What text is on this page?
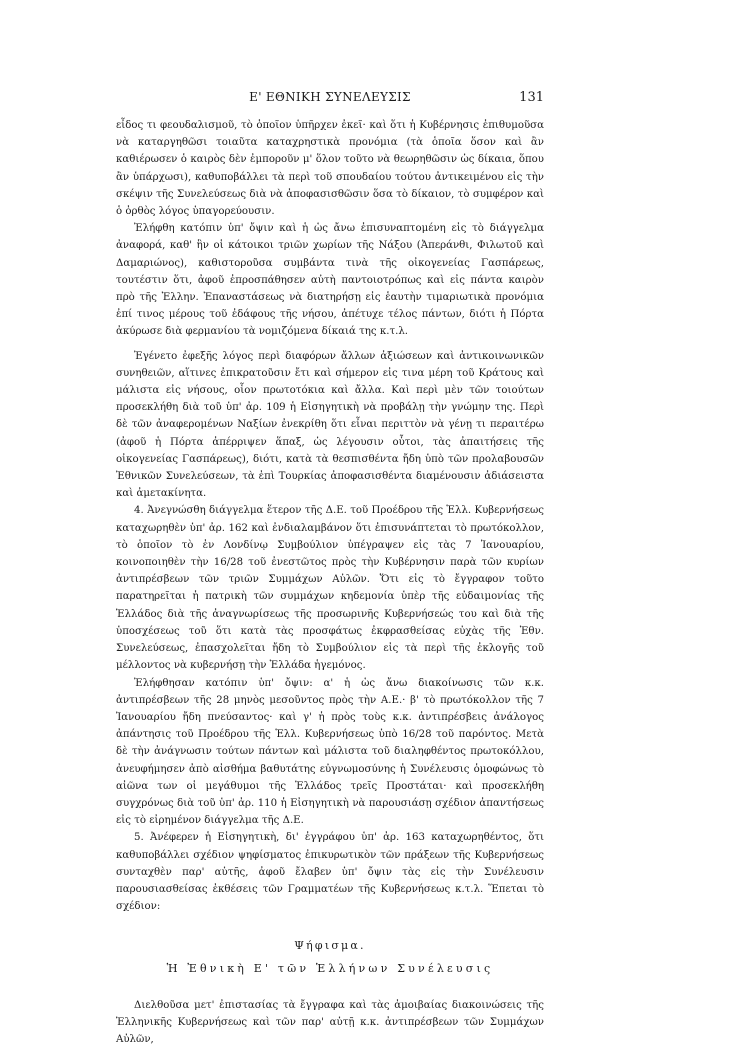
Ε' ΕΘΝΙΚΗ ΣΥΝΕΛΕΥΣΙΣ	131

εἶδος τι φεουδαλισμοῦ, τὸ ὁποῖον ὑπῆρχεν ἐκεῖ· καὶ ὅτι ἡ Κυβέρνησις ἐπιθυμοῦσα νὰ καταργηθῶσι τοιαῦτα καταχρηστικὰ προνόμια (τὰ ὁποῖα ὅσον καὶ ἂν καθιέρωσεν ὁ καιρὸς δὲν ἐμποροῦν μ' ὅλον τοῦτο νὰ θεωρηθῶσιν ὡς δίκαια, ὅπου ἂν ὑπάρχωσι), καθυποβάλλει τὰ περὶ τοῦ σπουδαίου τούτου ἀντικειμένου εἰς τὴν σκέψιν τῆς Συνελεύσεως διὰ νὰ ἀποφασισθῶσιν ὅσα τὸ δίκαιον, τὸ συμφέρον καὶ ὁ ὀρθὸς λόγος ὑπαγορεύουσιν.

Ἐλήφθη κατόπιν ὑπ' ὄψιν καὶ ἡ ὡς ἄνω ἐπισυναπτομένη εἰς τὸ διάγγελμα ἀναφορά, καθ' ἣν οἱ κάτοικοι τριῶν χωρίων τῆς Νάξου (Ἀπεράνθι, Φιλωτοῦ καὶ Δαμαριώνος), καθιστοροῦσα συμβάντα τινὰ τῆς οἰκογενείας Γασπάρεως, τουτέστιν ὅτι, ἀφοῦ ἐπροσπάθησεν αὐτὴ παντοιοτρόπως καὶ εἰς πάντα καιρὸν πρὸ τῆς Ἐλλην. Ἐπαναστάσεως νὰ διατηρήσῃ εἰς ἑαυτὴν τιμαριωτικὰ προνόμια ἐπί τινος μέρους τοῦ ἐδάφους τῆς νήσου, ἀπέτυχε τέλος πάντων, διότι ἡ Πόρτα ἀκύρωσε διὰ φερμανίου τὰ νομιζόμενα δίκαιά της κ.τ.λ.

Ἐγένετο ἐφεξῆς λόγος περὶ διαφόρων ἄλλων ἀξιώσεων καὶ ἀντικοινωνικῶν συνηθειῶν, αἵτινες ἐπικρατοῦσιν ἔτι καὶ σήμερον εἰς τινα μέρη τοῦ Κράτους καὶ μάλιστα εἰς νήσους, οἷον πρωτοτόκια καὶ ἄλλα. Καὶ περὶ μὲν τῶν τοιούτων προσεκλήθη διὰ τοῦ ὑπ' ἀρ. 109 ἡ Εἰσηγητικὴ νὰ προβάλῃ τὴν γνώμην της. Περὶ δὲ τῶν ἀναφερομένων Ναξίων ἐνεκρίθη ὅτι εἶναι περιττὸν νὰ γένῃ τι περαιτέρω (ἀφοῦ ἡ Πόρτα ἀπέρριψεν ἅπαξ, ὡς λέγουσιν οὗτοι, τὰς ἀπαιτήσεις τῆς οἰκογενείας Γασπάρεως), διότι, κατὰ τὰ θεσπισθέντα ἤδη ὑπὸ τῶν προλαβουσῶν Ἐθνικῶν Συνελεύσεων, τὰ ἐπὶ Τουρκίας ἀποφασισθέντα διαμένουσιν ἀδιάσειστα καὶ ἀμετακίνητα.

4. Ἀνεγνώσθη διάγγελμα ἕτερον τῆς Δ.Ε. τοῦ Προέδρου τῆς Ἑλλ. Κυβερνήσεως καταχωρηθὲν ὑπ' ἀρ. 162 καὶ ἐνδιαλαμβάνον ὅτι ἐπισυνάπτεται τὸ πρωτόκολλον, τὸ ὁποῖον τὸ ἐν Λονδίνῳ Συμβούλιον ὑπέγραψεν εἰς τὰς 7 Ἰανουαρίου, κοινοποιηθὲν τὴν 16/28 τοῦ ἐνεστῶτος πρὸς τὴν Κυβέρνησιν παρὰ τῶν κυρίων ἀντιπρέσβεων τῶν τριῶν Συμμάχων Αὐλῶν. Ὅτι εἰς τὸ ἔγγραφον τοῦτο παρατηρεῖται ἡ πατρικὴ τῶν συμμάχων κηδεμονία ὑπὲρ τῆς εὐδαιμονίας τῆς Ἑλλάδος διὰ τῆς ἀναγνωρίσεως τῆς προσωρινῆς Κυβερνήσεώς του καὶ διὰ τῆς ὑποσχέσεως τοῦ ὅτι κατὰ τὰς προσφάτως ἐκφρασθείσας εὐχὰς τῆς Ἐθν. Συνελεύσεως, ἐπασχολεῖται ἤδη τὸ Συμβούλιον εἰς τὰ περὶ τῆς ἐκλογῆς τοῦ μέλλοντος νὰ κυβερνήσῃ τὴν Ἑλλάδα ἡγεμόνος.

Ἐλήφθησαν κατόπιν ὑπ' ὄψιν: α' ἡ ὡς ἄνω διακοίνωσις τῶν κ.κ. ἀντιπρέσβεων τῆς 28 μηνὸς μεσοῦντος πρὸς τὴν Α.Ε.· β' τὸ πρωτόκολλον τῆς 7 Ἰανουαρίου ἤδη πνεύσαντος· καὶ γ' ἡ πρὸς τοὺς κ.κ. ἀντιπρέσβεις ἀνάλογος ἀπάντησις τοῦ Προέδρου τῆς Ἑλλ. Κυβερνήσεως ὑπὸ 16/28 τοῦ παρόντος. Μετὰ δὲ τὴν ἀνάγνωσιν τούτων πάντων καὶ μάλιστα τοῦ διαληφθέντος πρωτοκόλλου, ἀνευφήμησεν ἀπὸ αἰσθήμα βαθυτάτης εὐγνωμοσύνης ἡ Συνέλευσις ὁμοφώνως τὸ αἰῶνα των οἱ μεγάθυμοι τῆς Ἑλλάδος τρεῖς Προστάται· καὶ προσεκλήθη συγχρόνως διὰ τοῦ ὑπ' ἀρ. 110 ἡ Εἰσηγητικὴ νὰ παρουσιάσῃ σχέδιον ἀπαντήσεως εἰς τὸ εἰρημένον διάγγελμα τῆς Δ.Ε.

5. Ἀνέφερεν ἡ Εἰσηγητικὴ, δι' ἐγγράφου ὑπ' ἀρ. 163 καταχωρηθέντος, ὅτι καθυποβάλλει σχέδιον ψηφίσματος ἐπικυρωτικὸν τῶν πράξεων τῆς Κυβερνήσεως συνταχθὲν παρ' αὐτῆς, ἀφοῦ ἔλαβεν ὑπ' ὄψιν τὰς εἰς τὴν Συνέλευσιν παρουσιασθείσας ἐκθέσεις τῶν Γραμματέων τῆς Κυβερνήσεως κ.τ.λ. Ἕπεται τὸ σχέδιον:

Ψήφισμα.

Ἡ Ἐθνικὴ Ε' τῶν Ἑλλήνων Συνέλευσις

Διελθοῦσα μετ' ἐπιστασίας τὰ ἔγγραφα καὶ τὰς ἀμοιβαίας διακοινώσεις τῆς Ἑλληνικῆς Κυβερνήσεως καὶ τῶν παρ' αὐτῇ κ.κ. ἀντιπρέσβεων τῶν Συμμάχων Αὐλῶν,
